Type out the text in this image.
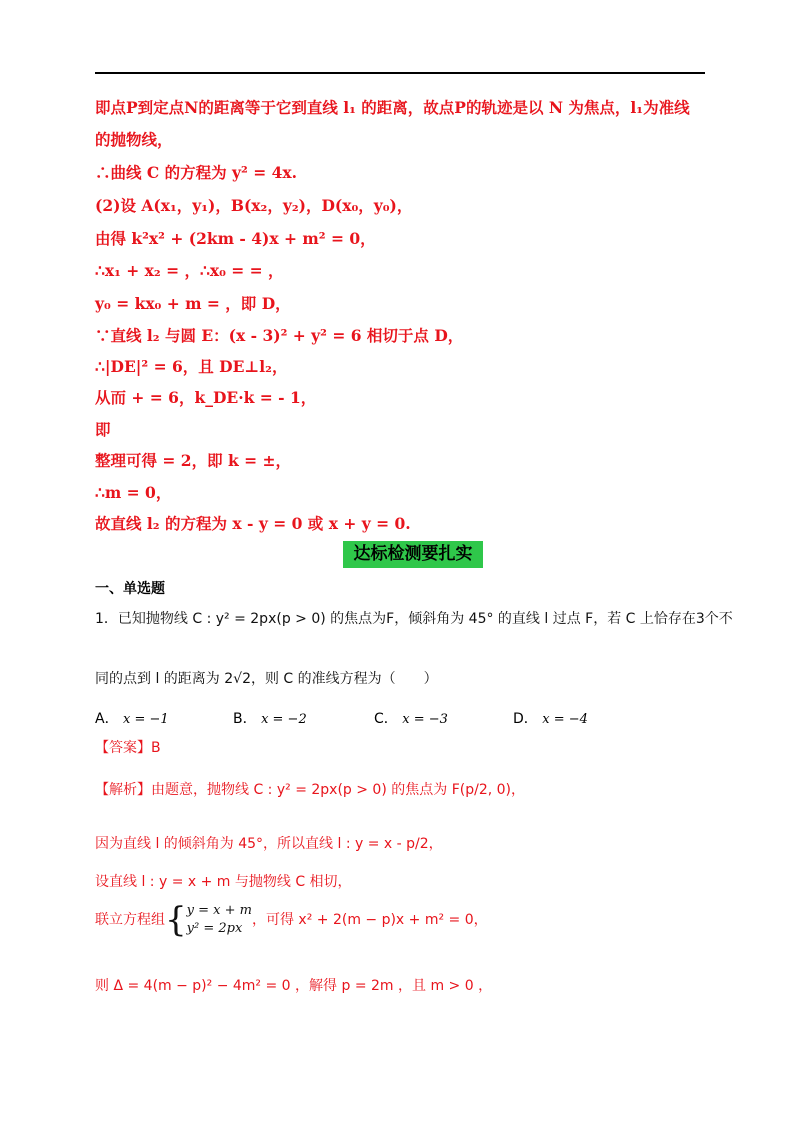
即点P到定点N的距离等于它到直线 l₁ 的距离，故点P的轨迹是以 N 为焦点，l₁为准线
的抛物线，
∴曲线 C 的方程为 y² = 4x.
(2)设 A(x₁，y₁)，B(x₂，y₂)，D(x₀，y₀)，
由得 k²x² + (2km - 4)x + m² = 0，
∴x₁ + x₂ = ，∴x₀ = = ，
y₀ = kx₀ + m = ，即 D，
∵直线 l₂ 与圆 E：(x - 3)² + y² = 6 相切于点 D，
∴|DE|² = 6，且 DE⊥l₂，
从而 + = 6，k_DE·k = - 1，
即
整理可得 = 2，即 k = ±，
∴m = 0，
故直线 l₂ 的方程为 x - y = 0 或 x + y = 0.
达标检测要扎实
一、单选题
1．已知抛物线 C : y² = 2px(p > 0) 的焦点为F，倾斜角为 45° 的直线 l 过点 F，若 C 上恰存在3个不
同的点到 l 的距离为 2√2，则 C 的准线方程为（　　）
A． x = −1	B． x = −2	C． x = −3	D． x = −4
【答案】B
【解析】由题意，抛物线 C : y² = 2px(p > 0) 的焦点为 F(p/2, 0)，
因为直线 l 的倾斜角为 45°，所以直线 l : y = x - p/2，
设直线 l : y = x + m 与抛物线 C 相切，
联立方程组{ y = x + m
y² = 2px
，可得 x² + 2(m − p)x + m² = 0，
则 Δ = 4(m − p)² − 4m² = 0 ，解得 p = 2m ，且 m > 0 ，
